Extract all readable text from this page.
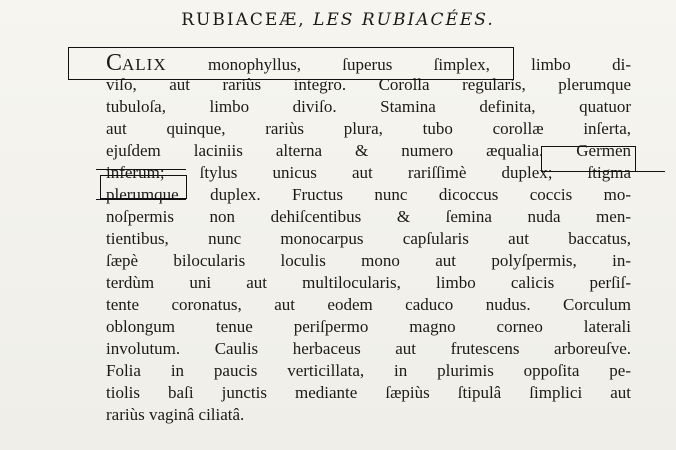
RUBIACEÆ, LES RUBIACÉES.
CALIX monophyllus, ſuperus ſimplex, limbo di-
viſo, aut rariùs integro. Corolla regularis, plerumque
tubuloſa, limbo diviſo. Stamina definita, quatuor
aut quinque, rariùs plura, tubo corollæ inſerta,
ejuſdem laciniis alterna & numero æqualia. Germen
inferum; ſtylus unicus aut rariſſimè duplex; ſtigma
plerumque duplex. Fructus nunc dicoccus coccis mo-
noſpermis non dehiſcentibus & ſemina nuda men-
tientibus, nunc monocarpus capſularis aut baccatus,
ſæpè bilocularis loculis mono aut polyſpermis, in-
terdùm uni aut multilocularis, limbo calicis perſiſ-
tente coronatus, aut eodem caduco nudus. Corculum
oblongum tenue periſpermo magno corneo laterali
involutum. Caulis herbaceus aut frutescens arboreuſve.
Folia in paucis verticillata, in plurimis oppoſita pe-
tiolis baſi junctis mediante ſæpiùs ſtipulâ ſimplici aut
rariùs vaginâ ciliatâ.
